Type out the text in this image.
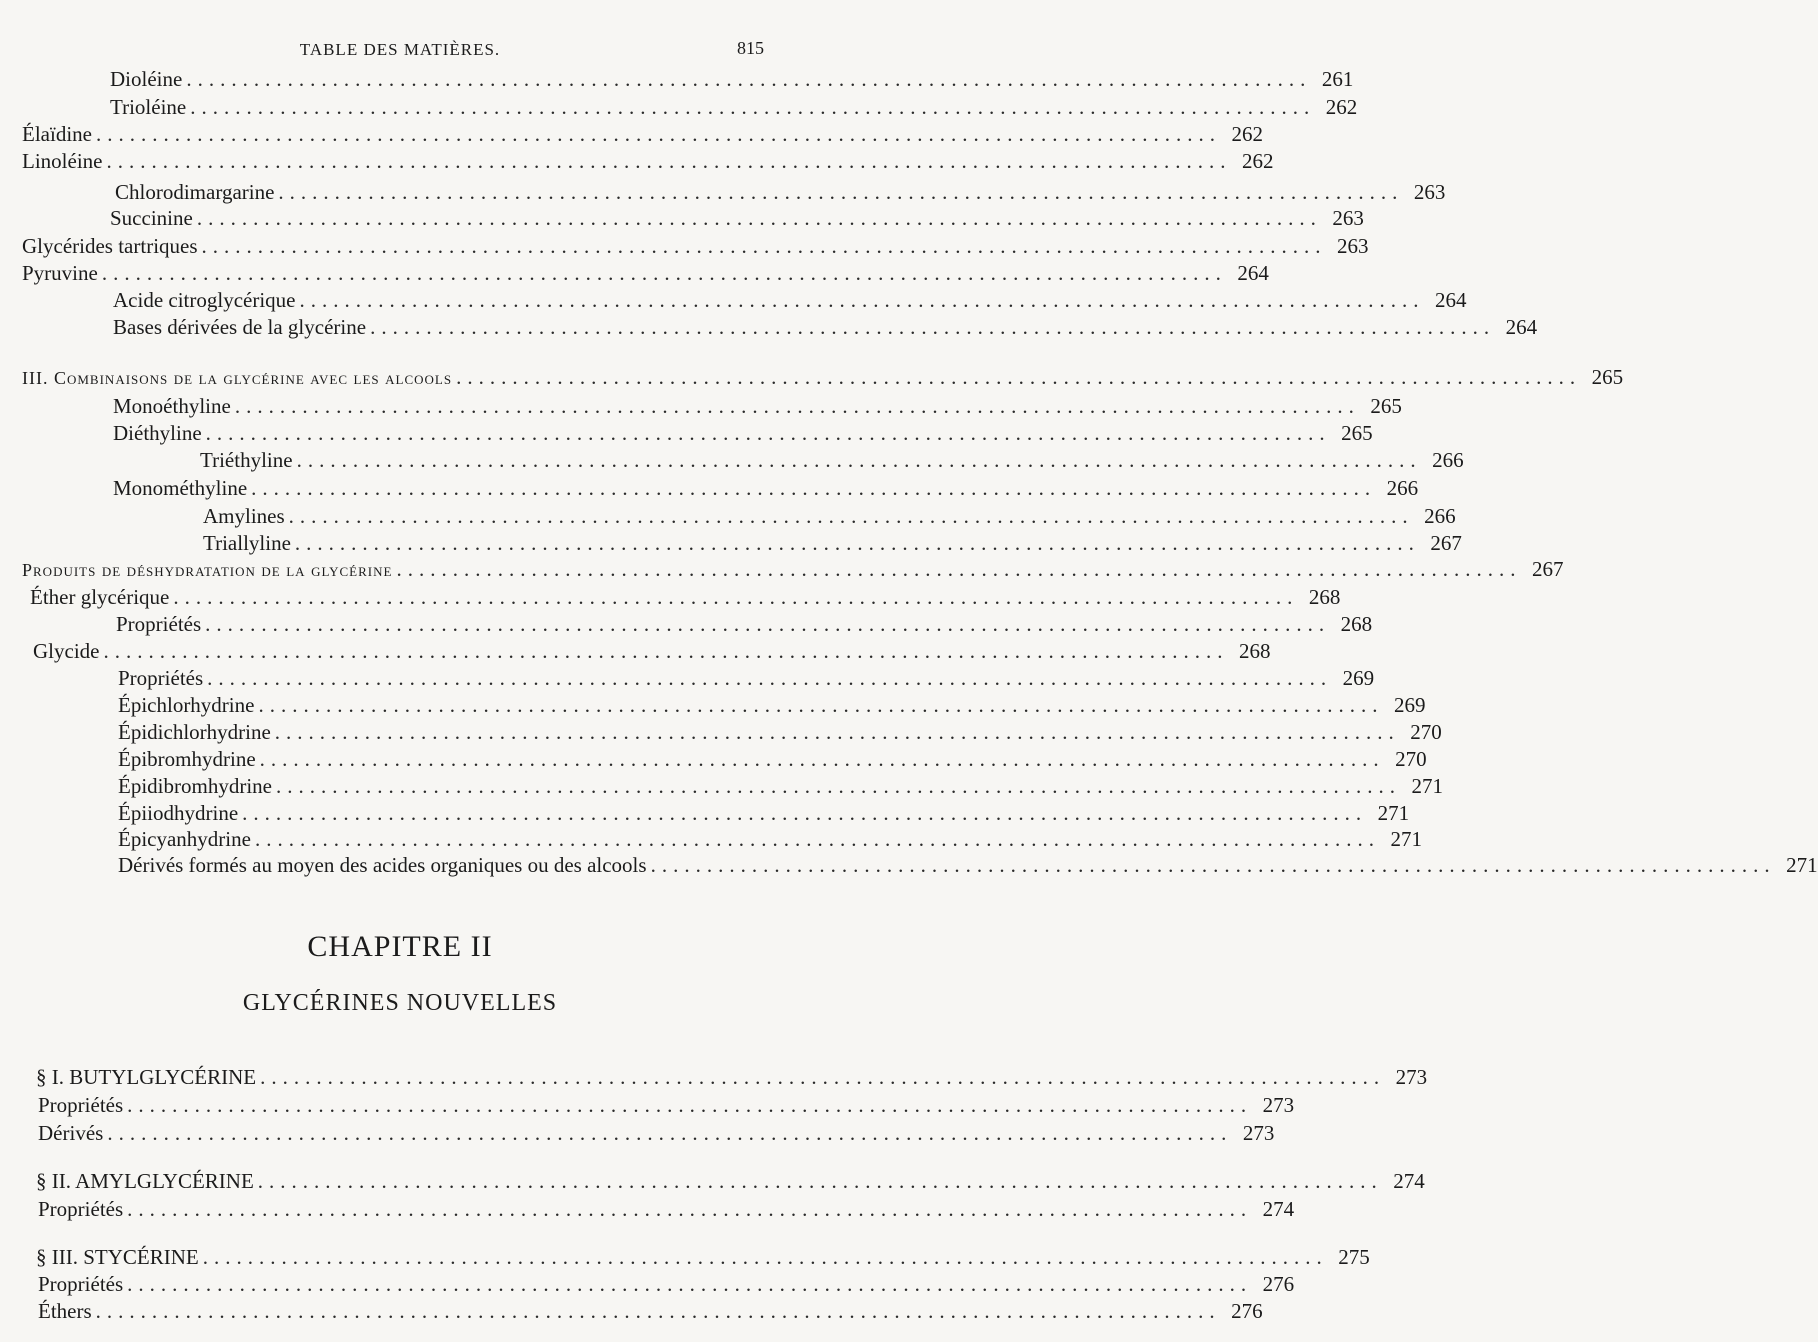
TABLE DES MATIÈRES.	815
Dioléine .................................................................................................... 261
Trioléine .................................................................................................... 262
Élaïdine .................................................................................................... 262
Linoléine .................................................................................................... 262
Chlorodimargarine .................................................................................................... 263
Succinine .................................................................................................... 263
Glycérides tartriques .................................................................................................... 263
Pyruvine .................................................................................................... 264
Acide citroglycérique .................................................................................................... 264
Bases dérivées de la glycérine .................................................................................................... 264
III. Combinaisons de la glycérine avec les alcools .................................................................................................... 265
Monoéthyline .................................................................................................... 265
Diéthyline .................................................................................................... 265
Triéthyline .................................................................................................... 266
Monométhyline .................................................................................................... 266
Amylines .................................................................................................... 266
Triallyline .................................................................................................... 267
Produits de déshydratation de la glycérine .................................................................................................... 267
Éther glycérique .................................................................................................... 268
Propriétés .................................................................................................... 268
Glycide .................................................................................................... 268
Propriétés .................................................................................................... 269
Épichlorhydrine .................................................................................................... 269
Épidichlorhydrine .................................................................................................... 270
Épibromhydrine .................................................................................................... 270
Épidibromhydrine .................................................................................................... 271
Épiiodhydrine .................................................................................................... 271
Épicyanhydrine .................................................................................................... 271
Dérivés formés au moyen des acides organiques ou des alcools .................................................................................................... 271
CHAPITRE II
GLYCÉRINES NOUVELLES
§ I. BUTYLGLYCÉRINE .................................................................................................... 273
Propriétés .................................................................................................... 273
Dérivés .................................................................................................... 273
§ II. AMYLGLYCÉRINE .................................................................................................... 274
Propriétés .................................................................................................... 274
§ III. STYCÉRINE .................................................................................................... 275
Propriétés .................................................................................................... 276
Éthers .................................................................................................... 276
